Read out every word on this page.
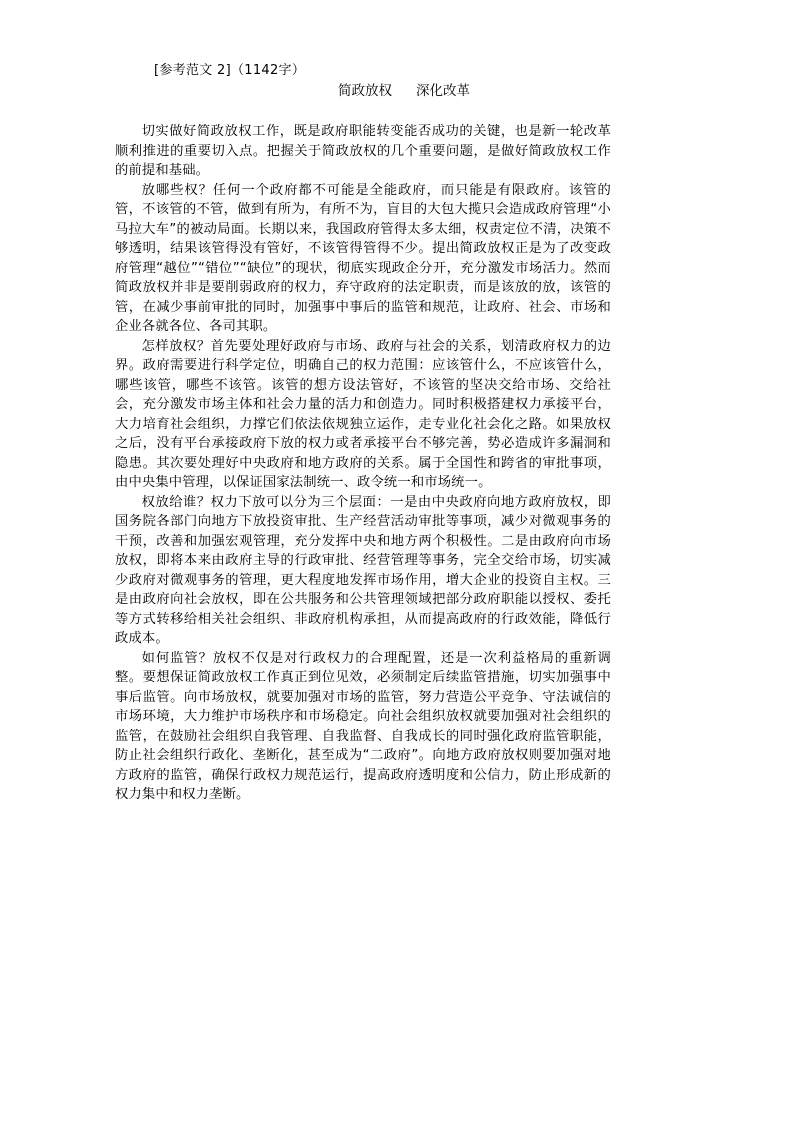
[参考范文 2]（1142字）
简政放权 深化改革

切实做好简政放权工作，既是政府职能转变能否成功的关键，也是新一轮改革顺利推进的重要切入点。把握关于简政放权的几个重要问题，是做好简政放权工作的前提和基础。

放哪些权？任何一个政府都不可能是全能政府，而只能是有限政府。该管的管，不该管的不管，做到有所为，有所不为，盲目的大包大揽只会造成政府管理“小马拉大车”的被动局面。长期以来，我国政府管得太多太细，权责定位不清，决策不够透明，结果该管得没有管好，不该管得管得不少。提出简政放权正是为了改变政府管理“越位”“错位”“缺位”的现状，彻底实现政企分开，充分激发市场活力。然而简政放权并非是要削弱政府的权力，弃守政府的法定职责，而是该放的放，该管的管，在减少事前审批的同时，加强事中事后的监管和规范，让政府、社会、市场和企业各就各位、各司其职。

怎样放权？首先要处理好政府与市场、政府与社会的关系，划清政府权力的边界。政府需要进行科学定位，明确自己的权力范围：应该管什么，不应该管什么，哪些该管，哪些不该管。该管的想方设法管好，不该管的坚决交给市场、交给社会，充分激发市场主体和社会力量的活力和创造力。同时积极搭建权力承接平台，大力培育社会组织，力撑它们依法依规独立运作，走专业化社会化之路。如果放权之后，没有平台承接政府下放的权力或者承接平台不够完善，势必造成许多漏洞和隐患。其次要处理好中央政府和地方政府的关系。属于全国性和跨省的审批事项，由中央集中管理，以保证国家法制统一、政令统一和市场统一。

权放给谁？权力下放可以分为三个层面：一是由中央政府向地方政府放权，即国务院各部门向地方下放投资审批、生产经营活动审批等事项，减少对微观事务的干预，改善和加强宏观管理，充分发挥中央和地方两个积极性。二是由政府向市场放权，即将本来由政府主导的行政审批、经营管理等事务，完全交给市场，切实减少政府对微观事务的管理，更大程度地发挥市场作用，增大企业的投资自主权。三是由政府向社会放权，即在公共服务和公共管理领域把部分政府职能以授权、委托等方式转移给相关社会组织、非政府机构承担，从而提高政府的行政效能，降低行政成本。

如何监管？放权不仅是对行政权力的合理配置，还是一次利益格局的重新调整。要想保证简政放权工作真正到位见效，必须制定后续监管措施，切实加强事中事后监管。向市场放权，就要加强对市场的监管，努力营造公平竞争、守法诚信的市场环境，大力维护市场秩序和市场稳定。向社会组织放权就要加强对社会组织的监管，在鼓励社会组织自我管理、自我监督、自我成长的同时强化政府监管职能，防止社会组织行政化、垄断化，甚至成为“二政府”。向地方政府放权则要加强对地方政府的监管，确保行政权力规范运行，提高政府透明度和公信力，防止形成新的权力集中和权力垄断。
